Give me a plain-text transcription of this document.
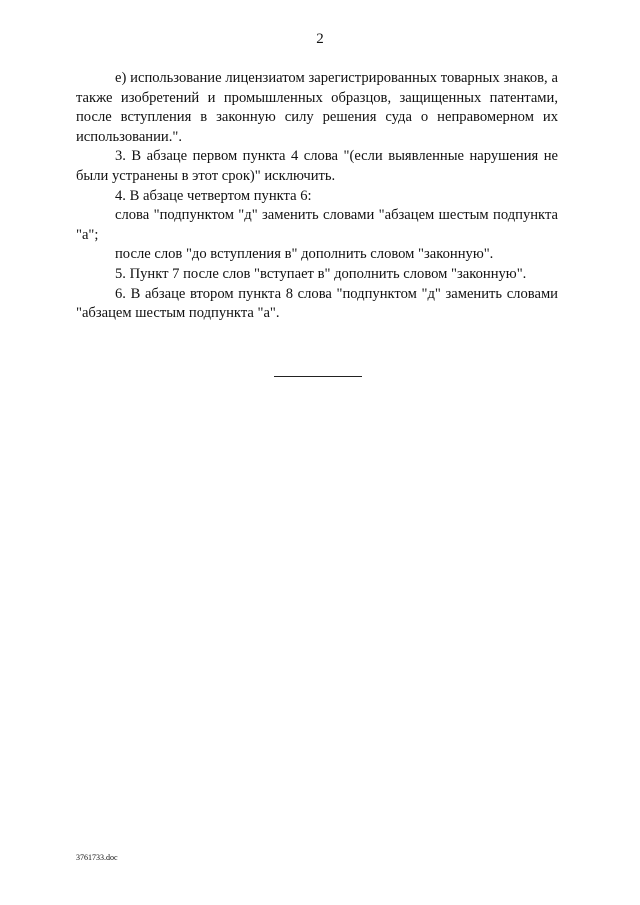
2

е) использование лицензиатом зарегистрированных товарных знаков, а также изобретений и промышленных образцов, защищенных патентами, после вступления в законную силу решения суда о неправомерном их использовании.".

3. В абзаце первом пункта 4 слова "(если выявленные нарушения не были устранены в этот срок)" исключить.

4. В абзаце четвертом пункта 6:

слова "подпунктом "д" заменить словами "абзацем шестым подпункта "а";

после слов "до вступления в" дополнить словом "законную".

5. Пункт 7 после слов "вступает в" дополнить словом "законную".

6. В абзаце втором пункта 8 слова "подпунктом "д" заменить словами "абзацем шестым подпункта "а".

3761733.doc
